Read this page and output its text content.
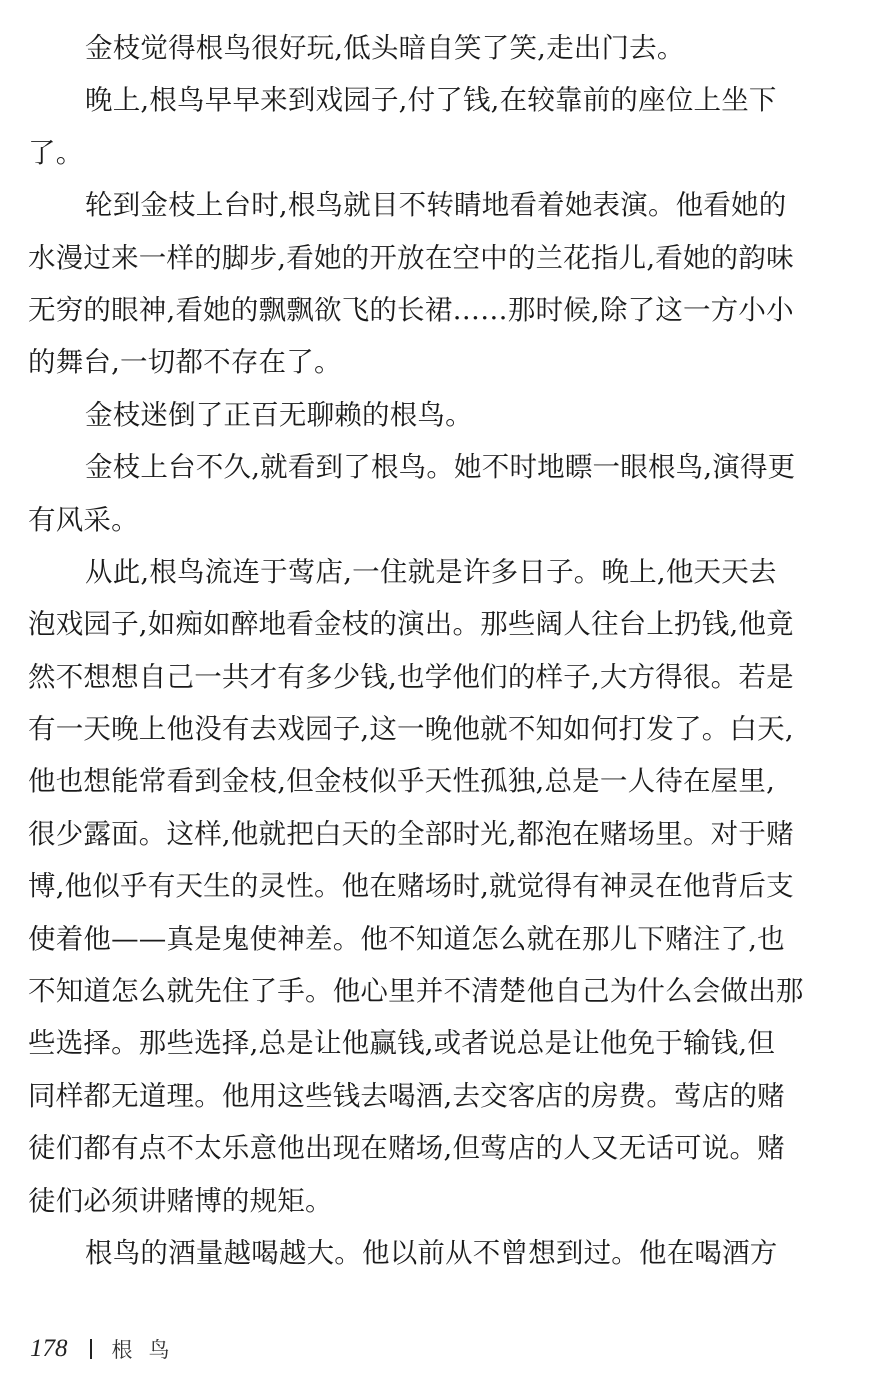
金枝觉得根鸟很好玩,低头暗自笑了笑,走出门去。
晚上,根鸟早早来到戏园子,付了钱,在较靠前的座位上坐下
了。
轮到金枝上台时,根鸟就目不转睛地看着她表演。他看她的
水漫过来一样的脚步,看她的开放在空中的兰花指儿,看她的韵味
无穷的眼神,看她的飘飘欲飞的长裙……那时候,除了这一方小小
的舞台,一切都不存在了。
金枝迷倒了正百无聊赖的根鸟。
金枝上台不久,就看到了根鸟。她不时地瞟一眼根鸟,演得更
有风采。
从此,根鸟流连于莺店,一住就是许多日子。晚上,他天天去
泡戏园子,如痴如醉地看金枝的演出。那些阔人往台上扔钱,他竟
然不想想自己一共才有多少钱,也学他们的样子,大方得很。若是
有一天晚上他没有去戏园子,这一晚他就不知如何打发了。白天,
他也想能常看到金枝,但金枝似乎天性孤独,总是一人待在屋里,
很少露面。这样,他就把白天的全部时光,都泡在赌场里。对于赌
博,他似乎有天生的灵性。他在赌场时,就觉得有神灵在他背后支
使着他——真是鬼使神差。他不知道怎么就在那儿下赌注了,也
不知道怎么就先住了手。他心里并不清楚他自己为什么会做出那
些选择。那些选择,总是让他赢钱,或者说总是让他免于输钱,但
同样都无道理。他用这些钱去喝酒,去交客店的房费。莺店的赌
徒们都有点不太乐意他出现在赌场,但莺店的人又无话可说。赌
徒们必须讲赌博的规矩。
根鸟的酒量越喝越大。他以前从不曾想到过。他在喝酒方
178 根鸟
